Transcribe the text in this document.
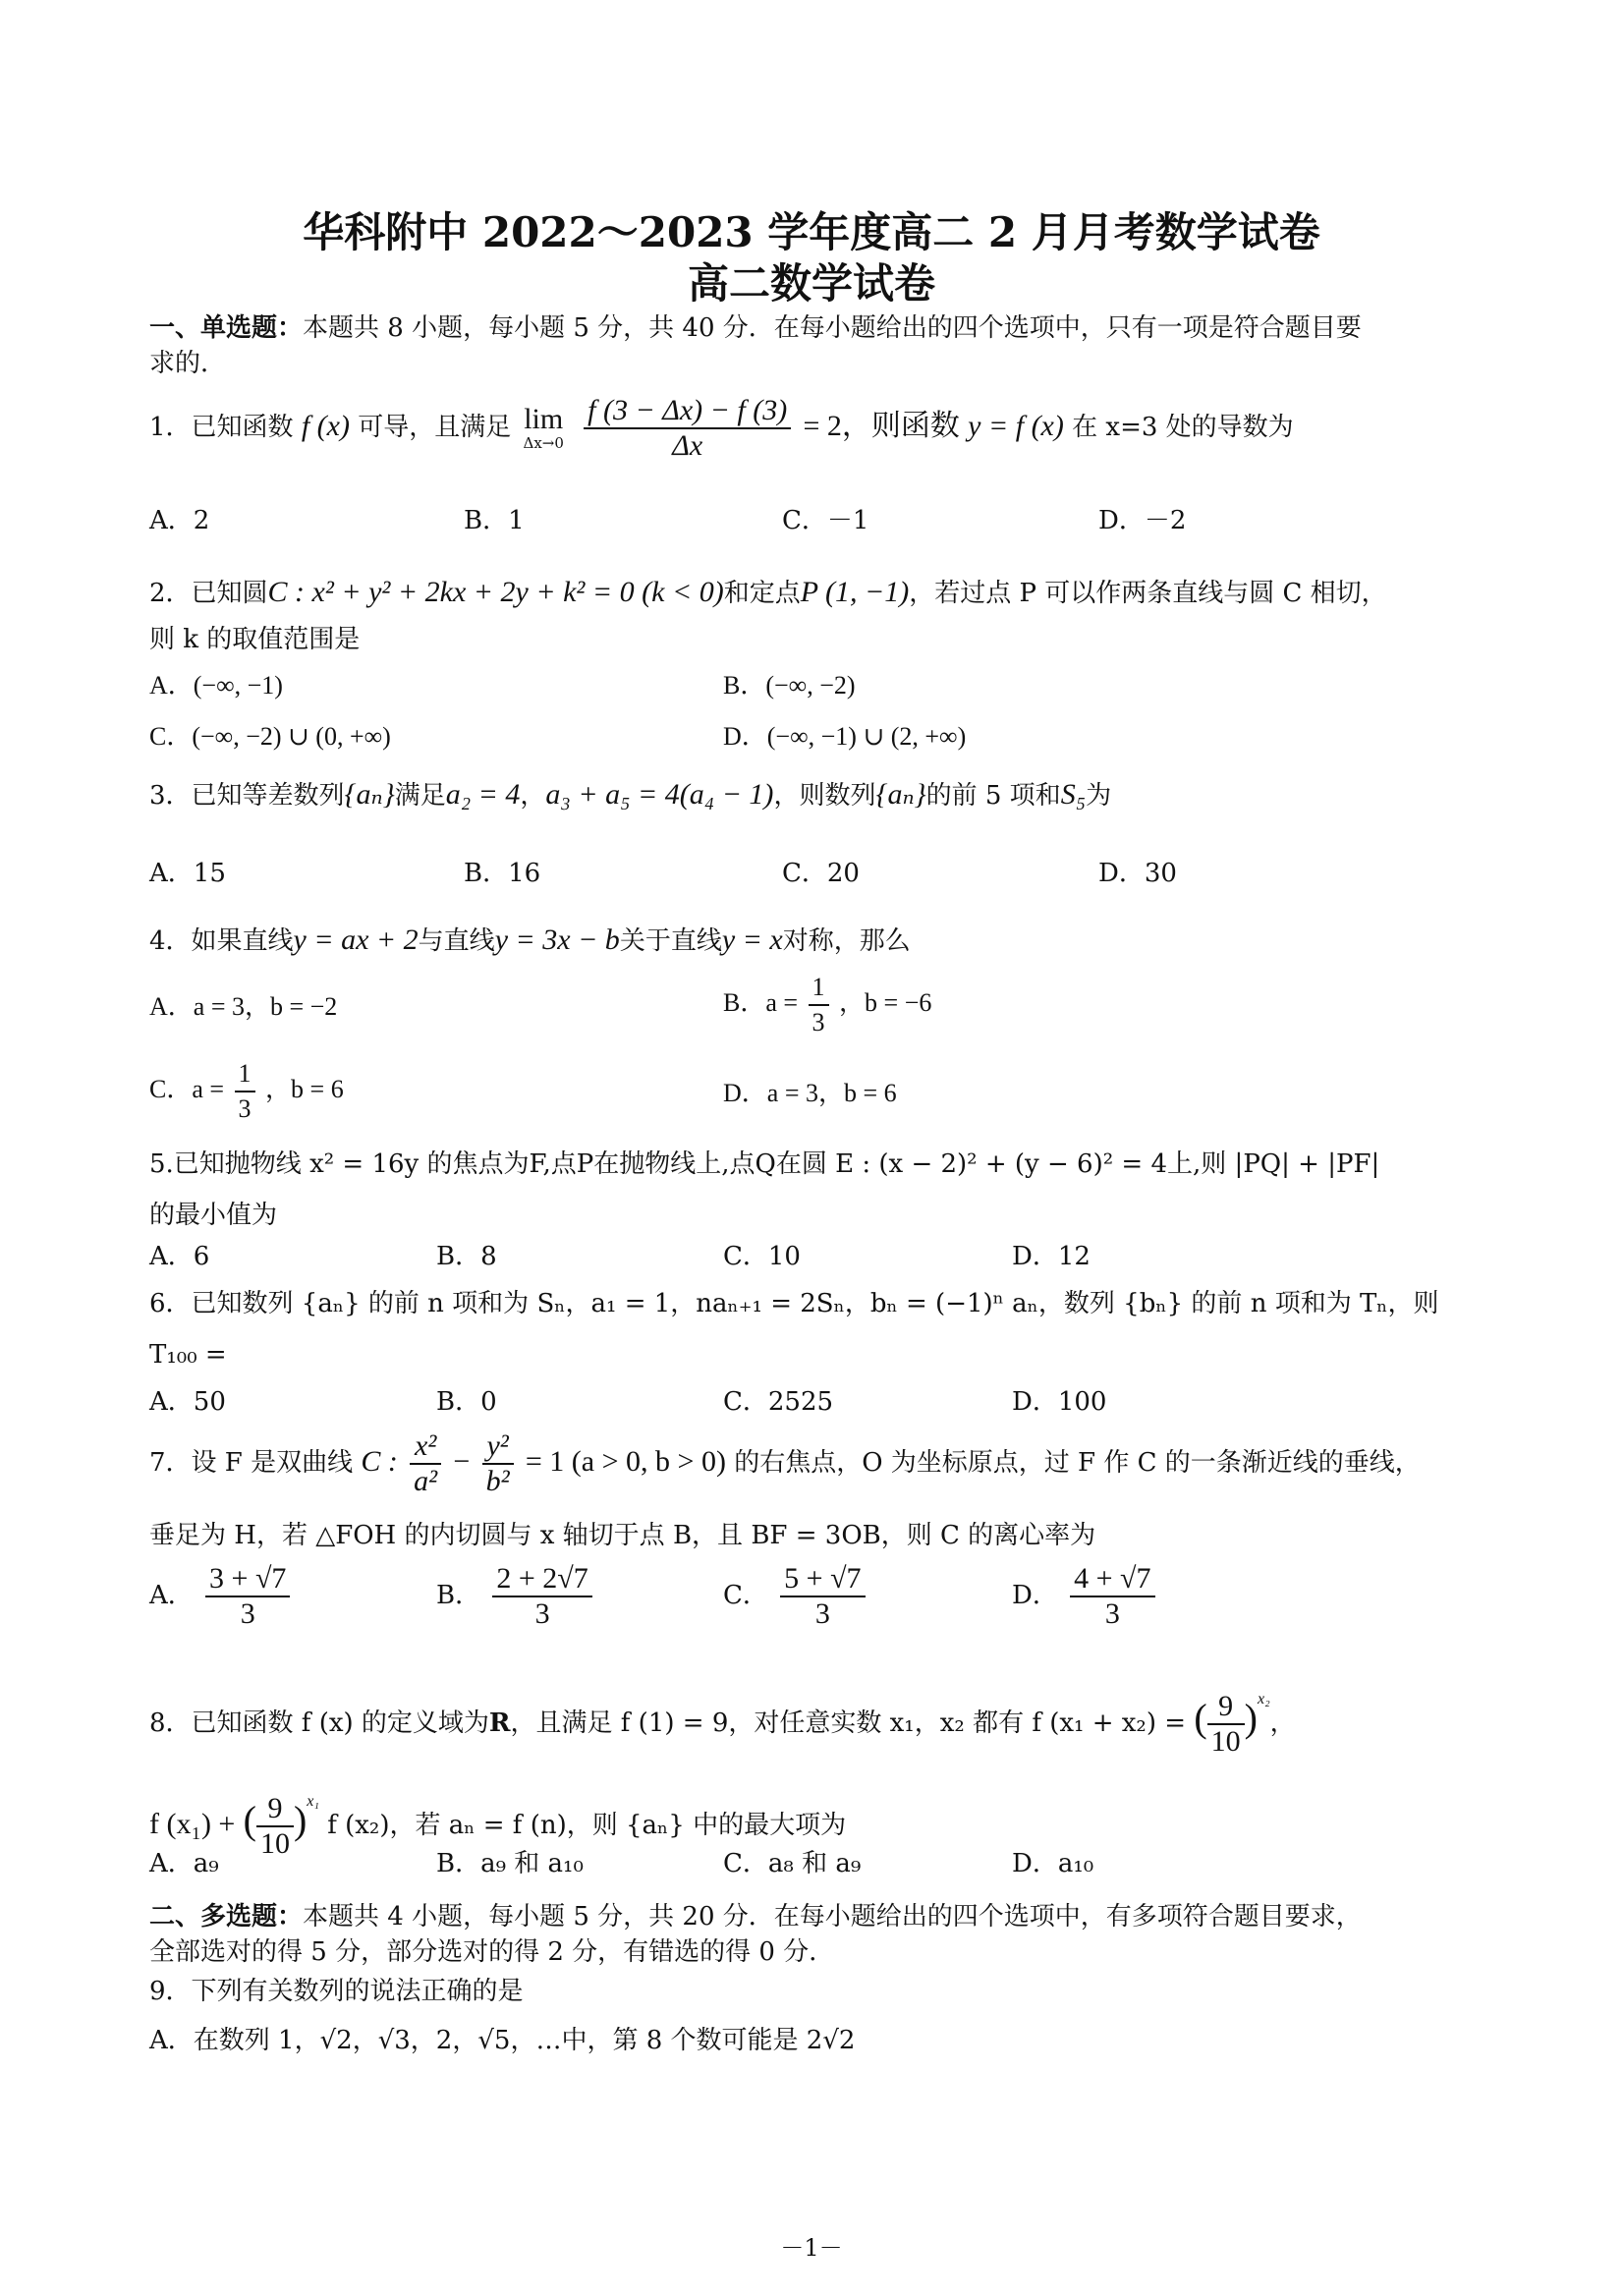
华科附中 2022～2023 学年度高二 2 月月考数学试卷
高二数学试卷
一、单选题：本题共 8 小题，每小题 5 分，共 40 分．在每小题给出的四个选项中，只有一项是符合题目要
求的．
1．已知函数 f (x) 可导，且满足 lim
Δx→0
$\frac{f (3 - \Delta x) - f (3)}{\Delta x} = 2$，则函数 y = f (x) 在 x=3 处的导数为
A．2	B．1	C．－1	D．－2
2．已知圆C : x² + y² + 2kx + 2y + k² = 0 (k < 0)和定点P (1, −1)，若过点 P 可以作两条直线与圆 C 相切，
则 k 的取值范围是
A．(−∞, −1)	B．(−∞, −2)
C．(−∞, −2) ∪ (0, +∞)	D．(−∞, −1) ∪ (2, +∞)
3．已知等差数列{aₙ}满足a₂ = 4，a₃ + a₅ = 4(a₄ − 1)，则数列{aₙ}的前 5 项和S₅为
A．15	B．16	C．20	D．30
4．如果直线y = ax + 2与直线y = 3x − b关于直线y = x对称，那么
A．a = 3，b = −2	B．$a = \frac{1}{3}$ ，b = −6
C．$a = \frac{1}{3}$ ，b = 6	D．a = 3，b = 6
5.已知抛物线 x² = 16y 的焦点为F,点P在抛物线上,点Q在圆 E : (x − 2)² + (y − 6)² = 4上,则 |PQ| + |PF|
的最小值为
A．6	B．8	C．10	D．12
6．已知数列 {aₙ} 的前 n 项和为 Sₙ，a₁ = 1，naₙ₊₁ = 2Sₙ，bₙ = (−1)ⁿ aₙ，数列 {bₙ} 的前 n 项和为 Tₙ，则
T₁₀₀ =
A．50	B．0	C．2525	D．100
7．设 F 是双曲线 C : $\frac{\text{x²}}{\text{a²}} - \frac{\text{y²}}{\text{b²}} = 1$ (a > 0, b > 0) 的右焦点，O 为坐标原点，过 F 作 C 的一条渐近线的垂线，
垂足为 H，若 △FOH 的内切圆与 x 轴切于点 B，且 BF = 3OB，则 C 的离心率为
A． $\frac{3 + √7}{3}$	B． $\frac{2 + 2√7}{3}$	C． $\frac{5 + √7}{3}$	D． $\frac{4 + √7}{3}$
8．已知函数 f (x) 的定义域为R，且满足 f (1) = 9，对任意实数 x₁，x₂ 都有 f (x₁ + x₂) = ( $\frac{9}{10} )^{x_2}$，
f (x₁) + ( $\frac{9}{10} )^{x_1}$ f (x₂)，若 aₙ = f (n)，则 {aₙ} 中的最大项为
A．a₉	B．a₉ 和 a₁₀	C．a₈ 和 a₉	D．a₁₀
二、多选题：本题共 4 小题，每小题 5 分，共 20 分．在每小题给出的四个选项中，有多项符合题目要求，
全部选对的得 5 分，部分选对的得 2 分，有错选的得 0 分．
9．下列有关数列的说法正确的是
A．在数列 1，√2，√3，2，√5，…中，第 8 个数可能是 2√2
－1－
